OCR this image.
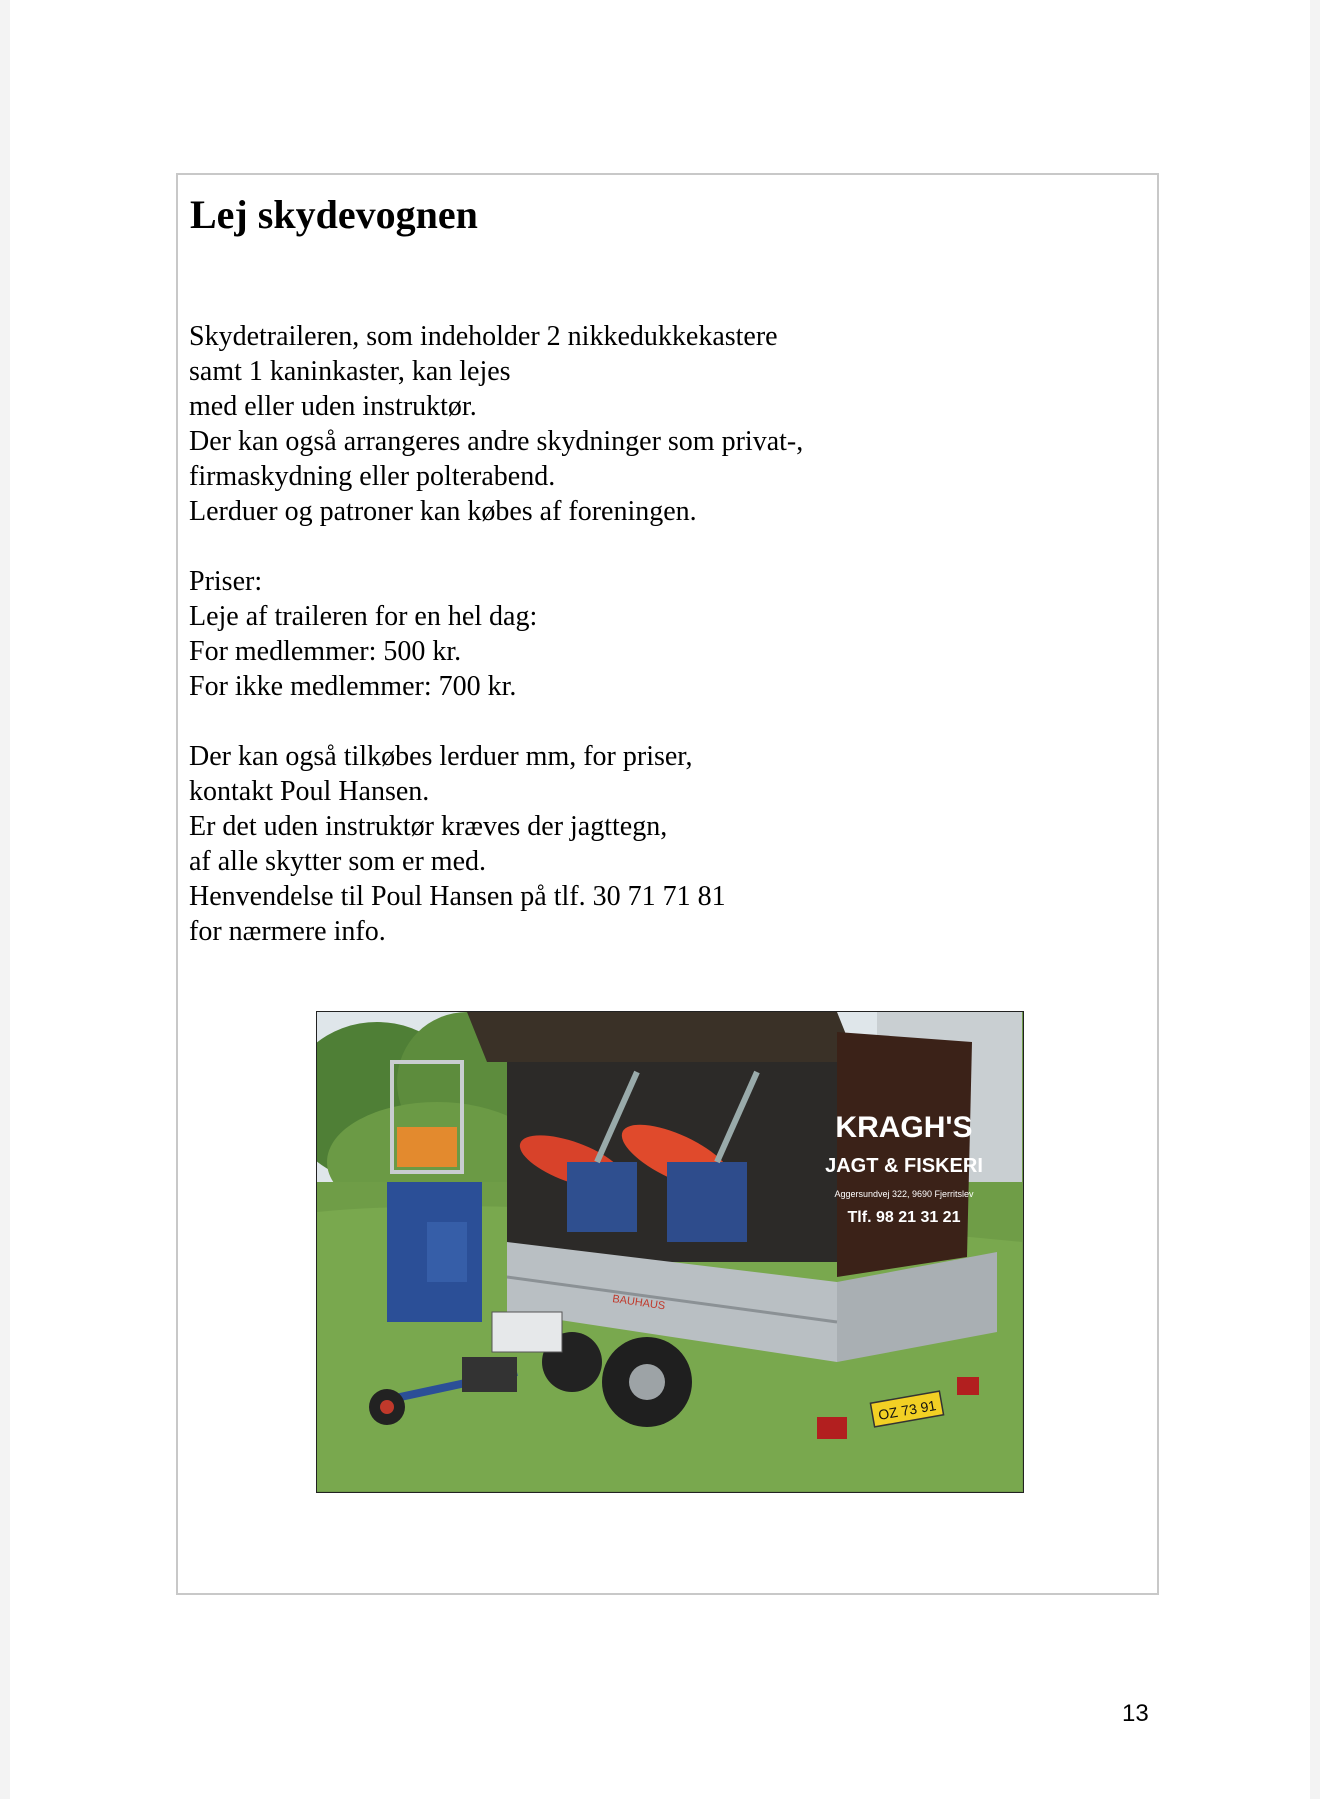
Lej skydevognen
Skydetraileren, som indeholder 2 nikkedukkekastere
samt 1 kaninkaster, kan lejes
med eller uden instruktør.
Der kan også arrangeres andre skydninger som privat-,
firmaskydning eller polterabend.
Lerduer og patroner kan købes af foreningen.
Priser:
Leje af traileren for en hel dag:
For medlemmer: 500 kr.
For ikke medlemmer: 700 kr.
Der kan også tilkøbes lerduer mm, for priser,
kontakt Poul Hansen.
Er det uden instruktør kræves der jagttegn,
af alle skytter som er med.
Henvendelse til Poul Hansen på tlf. 30 71 71 81
for nærmere info.
KRAGH'S
JAGT & FISKERI
Aggersundvej 322, 9690 Fjerritslev
Tlf. 98 21 31 21
BAUHAUS
OZ 73 91
13
